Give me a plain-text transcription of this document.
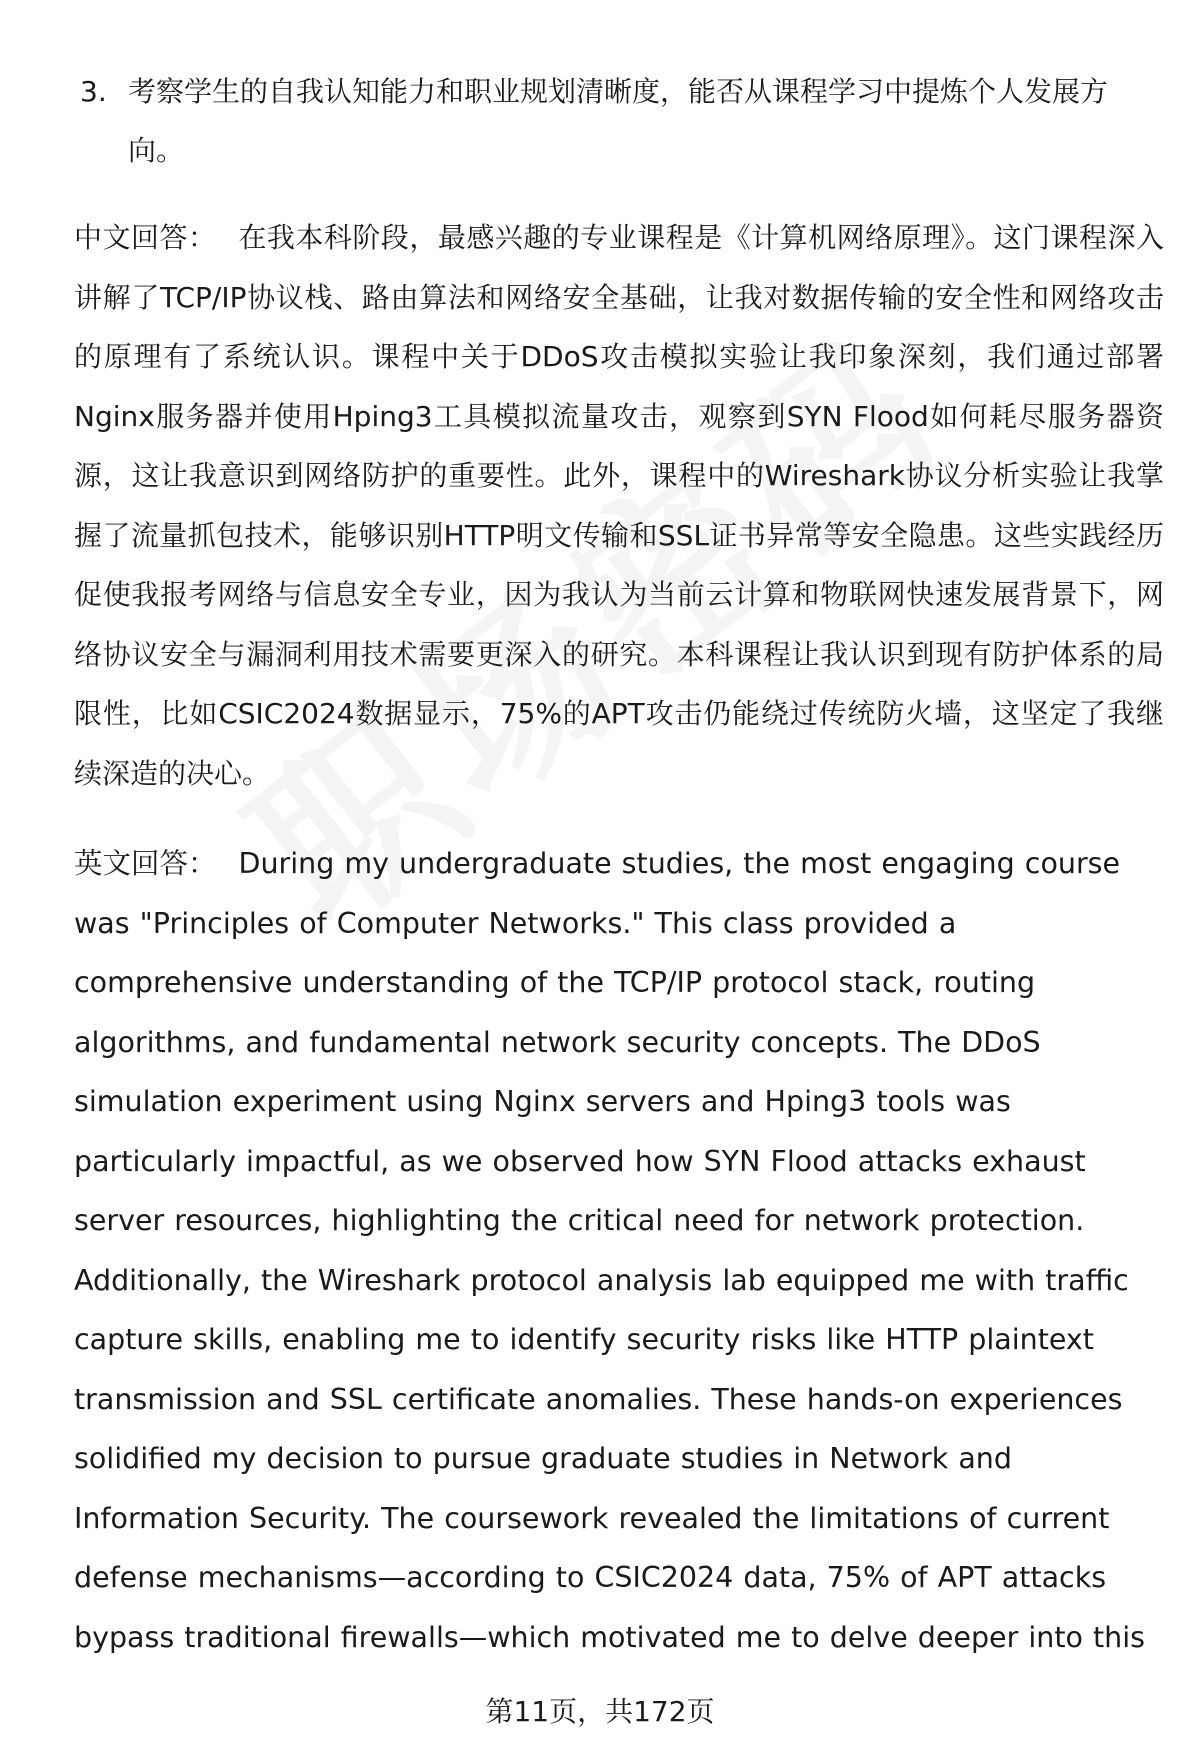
3. 考察学生的自我认知能力和职业规划清晰度，能否从课程学习中提炼个人发展方向。
中文回答： 在我本科阶段，最感兴趣的专业课程是《计算机网络原理》。这门课程深入讲解了TCP/IP协议栈、路由算法和网络安全基础，让我对数据传输的安全性和网络攻击的原理有了系统认识。课程中关于DDoS攻击模拟实验让我印象深刻，我们通过部署Nginx服务器并使用Hping3工具模拟流量攻击，观察到SYN Flood如何耗尽服务器资源，这让我意识到网络防护的重要性。此外，课程中的Wireshark协议分析实验让我掌握了流量抓包技术，能够识别HTTP明文传输和SSL证书异常等安全隐患。这些实践经历促使我报考网络与信息安全专业，因为我认为当前云计算和物联网快速发展背景下，网络协议安全与漏洞利用技术需要更深入的研究。本科课程让我认识到现有防护体系的局限性，比如CSIC2024数据显示，75%的APT攻击仍能绕过传统防火墙，这坚定了我继续深造的决心。
英文回答： During my undergraduate studies, the most engaging course was "Principles of Computer Networks." This class provided a comprehensive understanding of the TCP/IP protocol stack, routing algorithms, and fundamental network security concepts. The DDoS simulation experiment using Nginx servers and Hping3 tools was particularly impactful, as we observed how SYN Flood attacks exhaust server resources, highlighting the critical need for network protection. Additionally, the Wireshark protocol analysis lab equipped me with traffic capture skills, enabling me to identify security risks like HTTP plaintext transmission and SSL certificate anomalies. These hands-on experiences solidified my decision to pursue graduate studies in Network and Information Security. The coursework revealed the limitations of current defense mechanisms—according to CSIC2024 data, 75% of APT attacks bypass traditional firewalls—which motivated me to delve deeper into this
第11页，共172页
